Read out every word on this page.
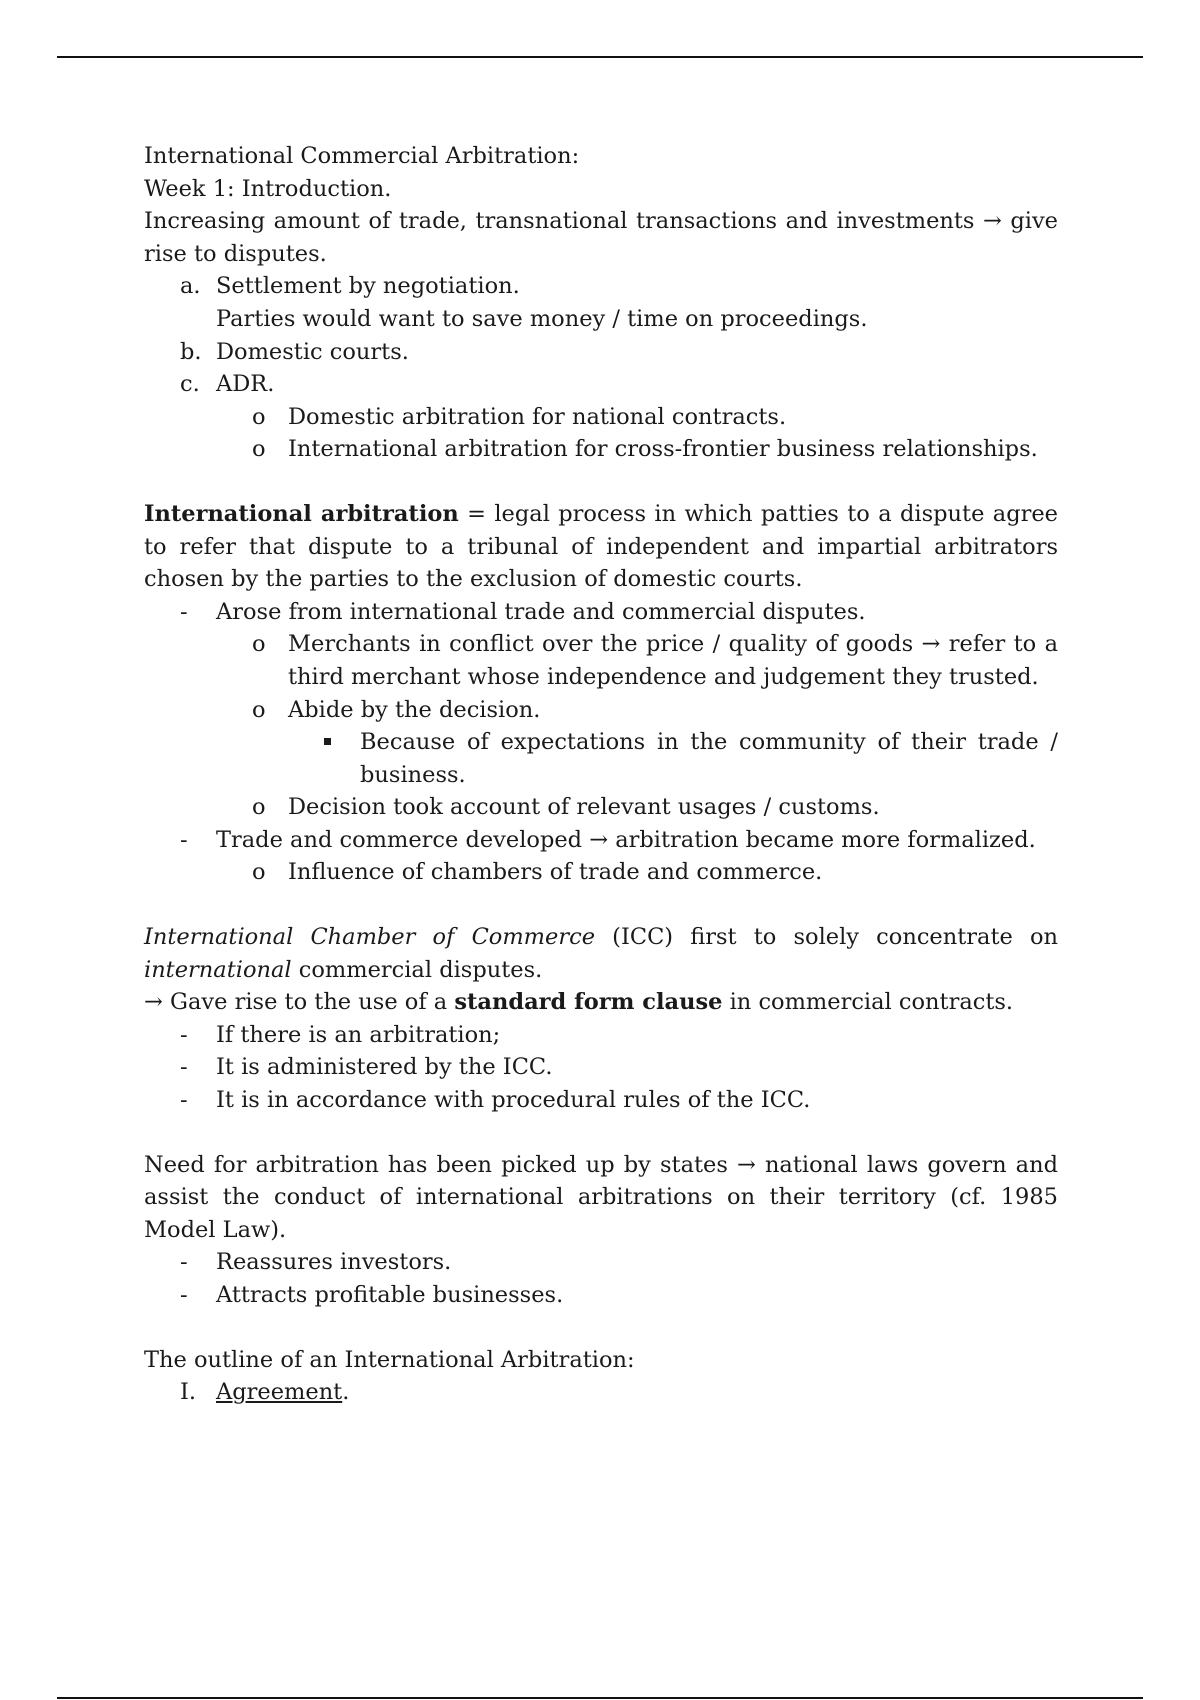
International Commercial Arbitration:

Week 1: Introduction.

Increasing amount of trade, transnational transactions and investments → give rise to disputes.

a. Settlement by negotiation.

Parties would want to save money / time on proceedings.

b. Domestic courts.

c. ADR.

o Domestic arbitration for national contracts.

o International arbitration for cross-frontier business relationships.

International arbitration = legal process in which patties to a dispute agree to refer that dispute to a tribunal of independent and impartial arbitrators chosen by the parties to the exclusion of domestic courts.

-	Arose from international trade and commercial disputes.

o Merchants in conflict over the price / quality of goods → refer to a third merchant whose independence and judgement they trusted.

o Abide by the decision.

Because of expectations in the community of their trade / business.

o Decision took account of relevant usages / customs.

-	Trade and commerce developed → arbitration became more formalized.

o Influence of chambers of trade and commerce.

International Chamber of Commerce (ICC) first to solely concentrate on international commercial disputes.

→ Gave rise to the use of a standard form clause in commercial contracts.

-	If there is an arbitration;

-	It is administered by the ICC.

-	It is in accordance with procedural rules of the ICC.

Need for arbitration has been picked up by states → national laws govern and assist the conduct of international arbitrations on their territory (cf. 1985 Model Law).

-	Reassures investors.

-	Attracts profitable businesses.

The outline of an International Arbitration:

I. Agreement.
